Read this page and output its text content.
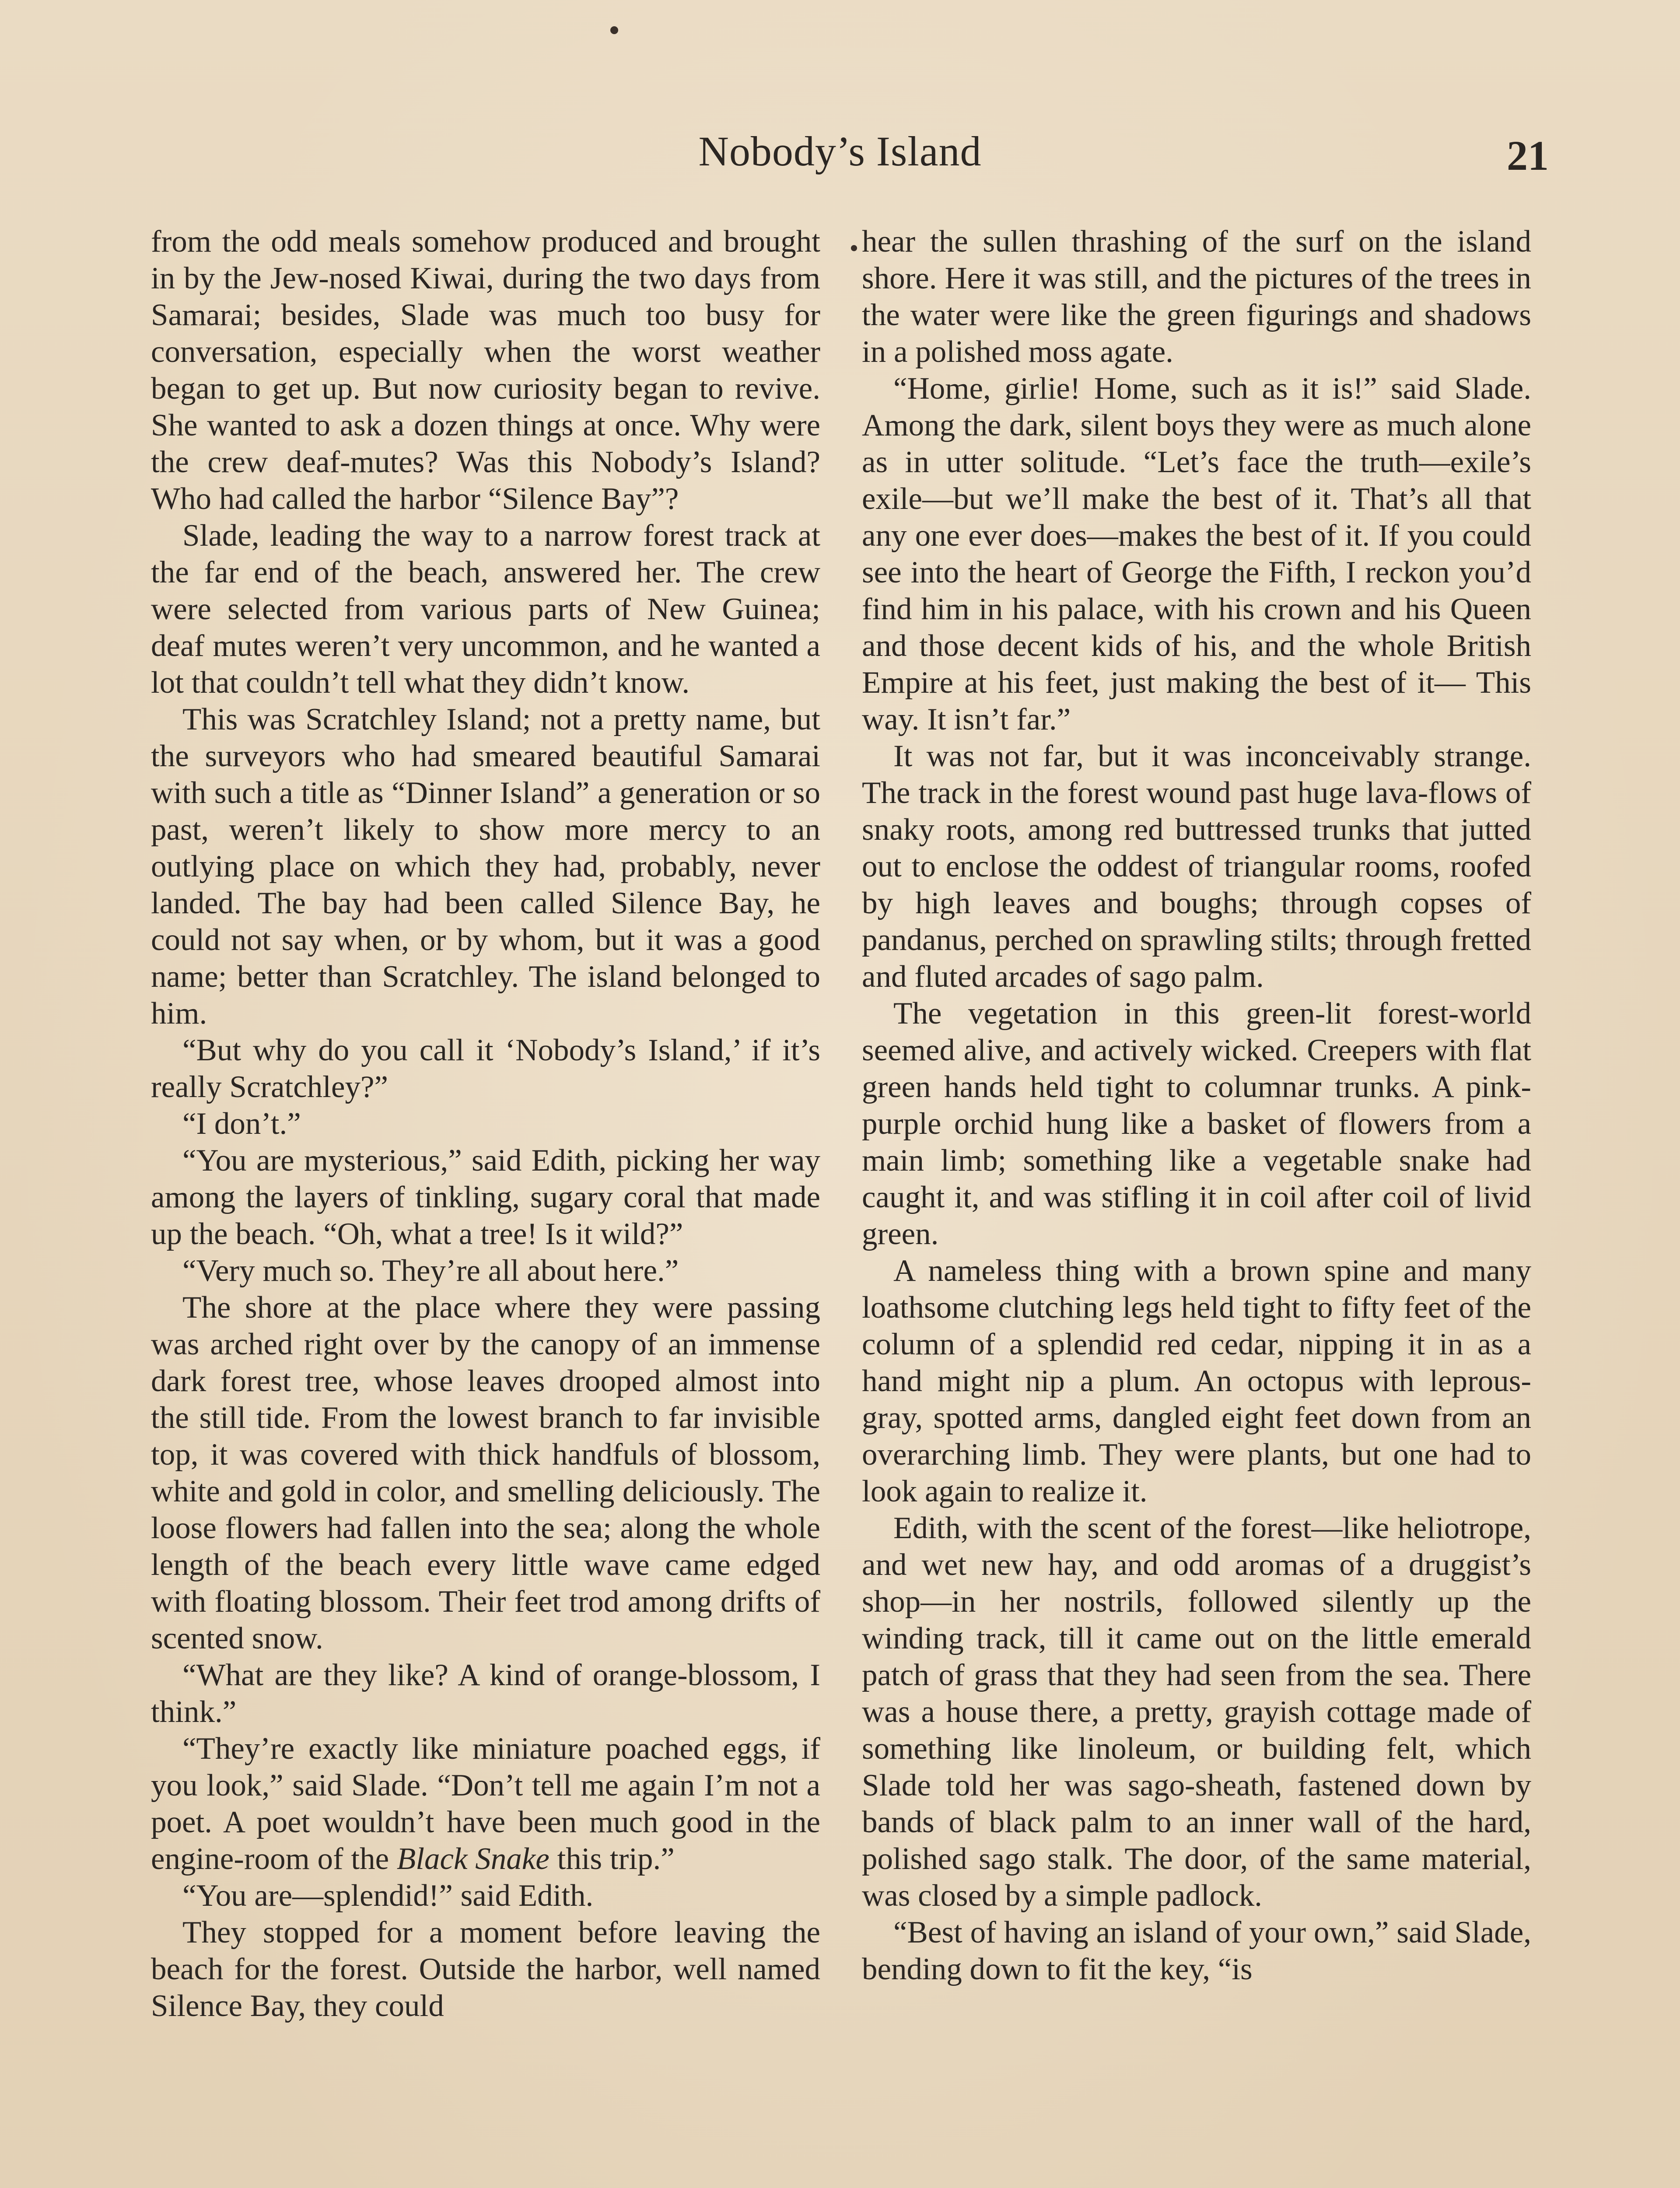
Nobody’s Island	21

from the odd meals somehow produced and brought in by the Jew-nosed Kiwai, during the two days from Samarai; besides, Slade was much too busy for conversation, especially when the worst weather began to get up. But now curiosity began to revive. She wanted to ask a dozen things at once. Why were the crew deaf-mutes? Was this Nobody’s Island? Who had called the harbor “Silence Bay”?

Slade, leading the way to a narrow forest track at the far end of the beach, answered her. The crew were selected from various parts of New Guinea; deaf mutes weren’t very uncommon, and he wanted a lot that couldn’t tell what they didn’t know.

This was Scratchley Island; not a pretty name, but the surveyors who had smeared beautiful Samarai with such a title as “Dinner Island” a generation or so past, weren’t likely to show more mercy to an outlying place on which they had, probably, never landed. The bay had been called Silence Bay, he could not say when, or by whom, but it was a good name; better than Scratchley. The island belonged to him.

“But why do you call it ‘Nobody’s Island,’ if it’s really Scratchley?”

“I don’t.”

“You are mysterious,” said Edith, picking her way among the layers of tinkling, sugary coral that made up the beach. “Oh, what a tree! Is it wild?”

“Very much so. They’re all about here.”

The shore at the place where they were passing was arched right over by the canopy of an immense dark forest tree, whose leaves drooped almost into the still tide. From the lowest branch to far invisible top, it was covered with thick handfuls of blossom, white and gold in color, and smelling deliciously. The loose flowers had fallen into the sea; along the whole length of the beach every little wave came edged with floating blossom. Their feet trod among drifts of scented snow.

“What are they like? A kind of orange-blossom, I think.”

“They’re exactly like miniature poached eggs, if you look,” said Slade. “Don’t tell me again I’m not a poet. A poet wouldn’t have been much good in the engine-room of the Black Snake this trip.”

“You are—splendid!” said Edith.

They stopped for a moment before leaving the beach for the forest. Outside the harbor, well named Silence Bay, they could

hear the sullen thrashing of the surf on the island shore. Here it was still, and the pictures of the trees in the water were like the green figurings and shadows in a polished moss agate.

“Home, girlie! Home, such as it is!” said Slade. Among the dark, silent boys they were as much alone as in utter solitude. “Let’s face the truth—exile’s exile—but we’ll make the best of it. That’s all that any one ever does—makes the best of it. If you could see into the heart of George the Fifth, I reckon you’d find him in his palace, with his crown and his Queen and those decent kids of his, and the whole British Empire at his feet, just making the best of it— This way. It isn’t far.”

It was not far, but it was inconceivably strange. The track in the forest wound past huge lava-flows of snaky roots, among red buttressed trunks that jutted out to enclose the oddest of triangular rooms, roofed by high leaves and boughs; through copses of pandanus, perched on sprawling stilts; through fretted and fluted arcades of sago palm.

The vegetation in this green-lit forest-world seemed alive, and actively wicked. Creepers with flat green hands held tight to columnar trunks. A pink-purple orchid hung like a basket of flowers from a main limb; something like a vegetable snake had caught it, and was stifling it in coil after coil of livid green.

A nameless thing with a brown spine and many loathsome clutching legs held tight to fifty feet of the column of a splendid red cedar, nipping it in as a hand might nip a plum. An octopus with leprous-gray, spotted arms, dangled eight feet down from an overarching limb. They were plants, but one had to look again to realize it.

Edith, with the scent of the forest—like heliotrope, and wet new hay, and odd aromas of a druggist’s shop—in her nostrils, followed silently up the winding track, till it came out on the little emerald patch of grass that they had seen from the sea. There was a house there, a pretty, grayish cottage made of something like linoleum, or building felt, which Slade told her was sago-sheath, fastened down by bands of black palm to an inner wall of the hard, polished sago stalk. The door, of the same material, was closed by a simple padlock.

“Best of having an island of your own,” said Slade, bending down to fit the key, “is
